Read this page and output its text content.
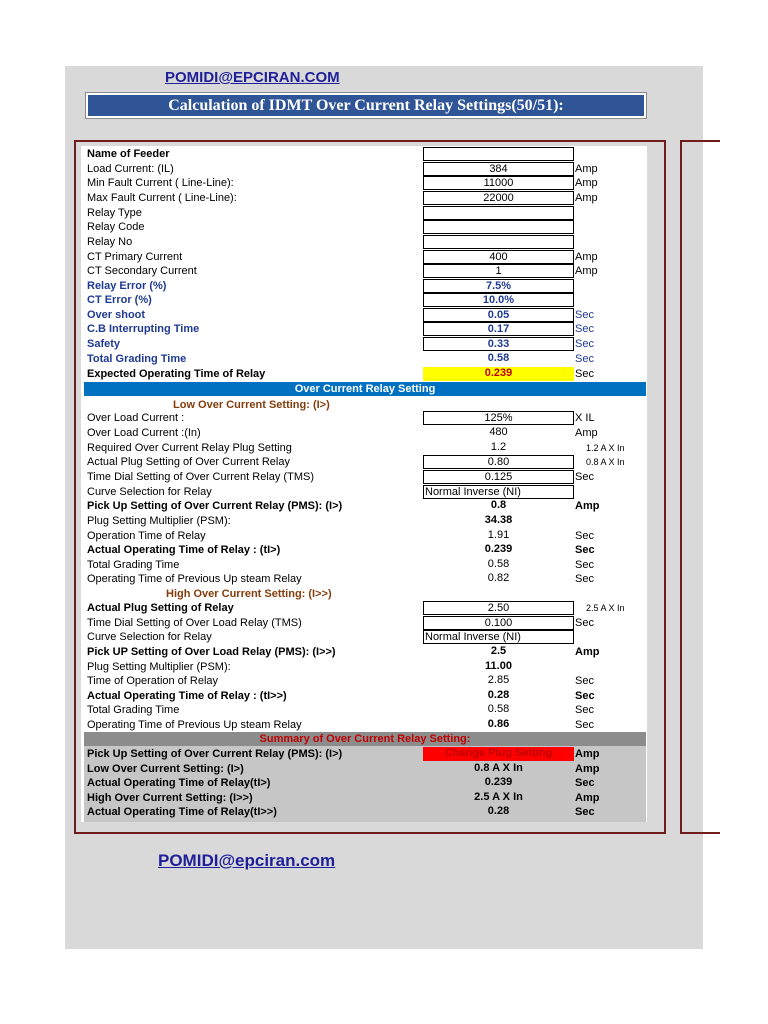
POMIDI@EPCIRAN.COM
Calculation of IDMT Over Current Relay Settings(50/51):
Name of Feeder
Load Current: (IL)	384	Amp
Min Fault Current ( Line-Line):	11000	Amp
Max Fault Current ( Line-Line):	22000	Amp
Relay Type
Relay Code
Relay No
CT Primary Current	400	Amp
CT Secondary Current	1	Amp
Relay Error (%)	7.5%
CT Error (%)	10.0%
Over shoot	0.05	Sec
C.B Interrupting Time	0.17	Sec
Safety	0.33	Sec
Total Grading Time	0.58	Sec
Expected Operating Time of Relay	0.239	Sec
Over Current Relay Setting
Low Over Current Setting: (I>)
Over Load Current :	125%	X IL
Over Load Current :(In)	480	Amp
Required Over Current Relay Plug Setting	1.2	1.2 A X In
Actual Plug Setting of Over Current Relay	0.80	0.8 A X In
Time Dial Setting of Over Current Relay (TMS)	0.125	Sec
Curve Selection for Relay	Normal Inverse (NI)
Pick Up Setting of Over Current Relay (PMS): (I>)	0.8	Amp
Plug Setting Multiplier (PSM):	34.38
Operation Time of Relay	1.91	Sec
Actual Operating Time of Relay : (tI>)	0.239	Sec
Total Grading Time	0.58	Sec
Operating Time of Previous Up steam Relay	0.82	Sec
High Over Current Setting: (I>>)
Actual Plug Setting of Relay	2.50	2.5 A X In
Time Dial Setting of Over Load Relay (TMS)	0.100	Sec
Curve Selection for Relay	Normal Inverse (NI)
Pick UP Setting of Over Load Relay (PMS): (I>>)	2.5	Amp
Plug Setting Multiplier (PSM):	11.00
Time of Operation of Relay	2.85	Sec
Actual Operating Time of Relay : (tI>>)	0.28	Sec
Total Grading Time	0.58	Sec
Operating Time of Previous Up steam Relay	0.86	Sec
Summary of Over Current Relay Setting:
Pick Up Setting of Over Current Relay (PMS): (I>)	Change Plug Setting	Amp
Low Over Current Setting: (I>)	0.8 A X In	Amp
Actual Operating Time of Relay(tI>)	0.239	Sec
High Over Current Setting: (I>>)	2.5 A X In	Amp
Actual Operating Time of Relay(tI>>)	0.28	Sec
POMIDI@epciran.com
